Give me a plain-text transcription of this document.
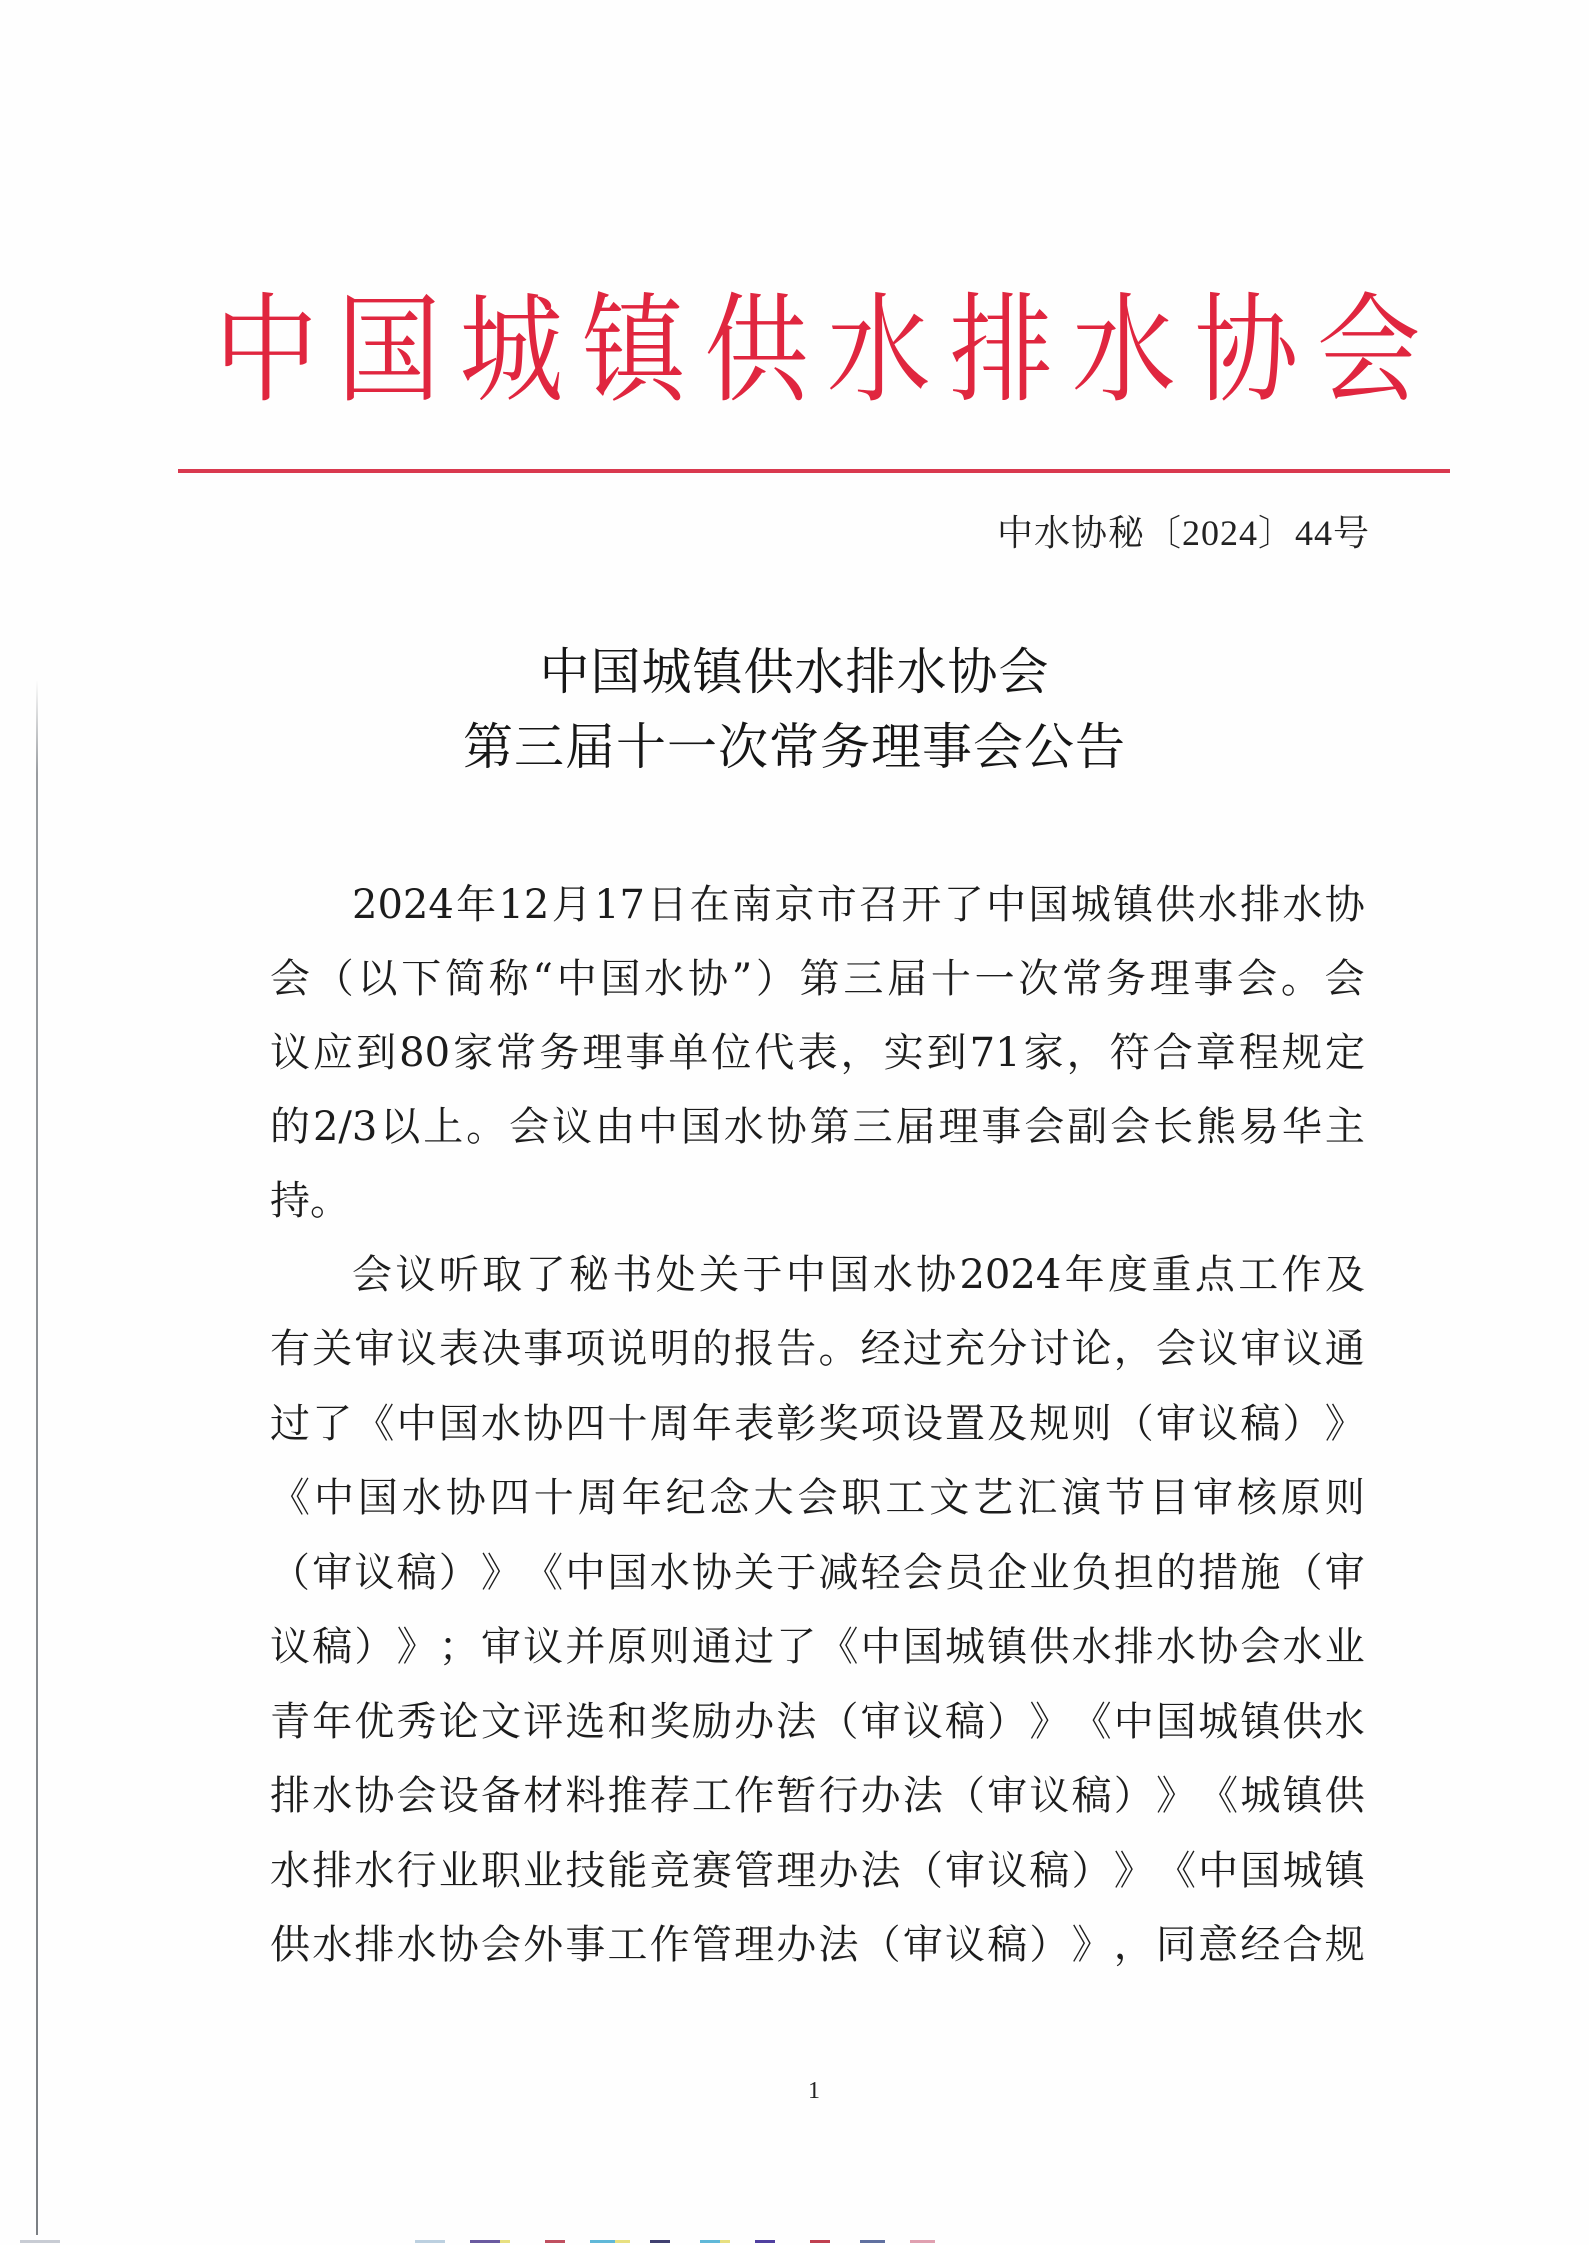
中 国 城 镇 供 水 排 水 协 会
中水协秘〔2024〕44号
中国城镇供水排水协会
第三届十一次常务理事会公告
2024 年 12 月 17 日 在 南 京 市 召 开 了 中 国 城 镇 供 水 排 水 协
会 （ 以 下 简 称 “ 中 国 水 协 ” ） 第 三 届 十 一 次 常 务 理 事 会 。 会
议 应 到 80 家 常 务 理 事 单 位 代 表 ， 实 到 71 家 ， 符 合 章 程 规 定
的 2/3 以 上 。 会 议 由 中 国 水 协 第 三 届 理 事 会 副 会 长 熊 易 华 主
持。
会 议 听 取 了 秘 书 处 关 于 中 国 水 协 2024 年 度 重 点 工 作 及
有 关 审 议 表 决 事 项 说 明 的 报 告 。 经 过 充 分 讨 论 ， 会 议 审 议 通
过 了 《 中 国 水 协 四 十 周 年 表 彰 奖 项 设 置 及 规 则 （ 审 议 稿 ） 》
《 中 国 水 协 四 十 周 年 纪 念 大 会 职 工 文 艺 汇 演 节 目 审 核 原 则
（ 审 议 稿 ） 》 《 中 国 水 协 关 于 减 轻 会 员 企 业 负 担 的 措 施 （ 审
议 稿 ） 》 ； 审 议 并 原 则 通 过 了 《 中 国 城 镇 供 水 排 水 协 会 水 业
青 年 优 秀 论 文 评 选 和 奖 励 办 法 （ 审 议 稿 ） 》 《 中 国 城 镇 供 水
排 水 协 会 设 备 材 料 推 荐 工 作 暂 行 办 法 （ 审 议 稿 ） 》 《 城 镇 供
水 排 水 行 业 职 业 技 能 竞 赛 管 理 办 法 （ 审 议 稿 ） 》 《 中 国 城 镇
供 水 排 水 协 会 外 事 工 作 管 理 办 法 （ 审 议 稿 ） 》 ， 同 意 经 合 规
1
